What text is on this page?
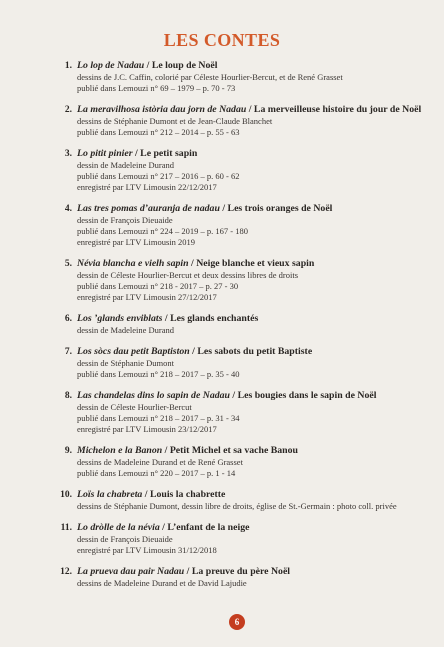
LES CONTES
1. Lo lop de Nadau / Le loup de Noël
dessins de J.C. Caffin, colorié par Céleste Hourlier-Bercut, et de René Grasset
publié dans Lemouzi n° 69 – 1979 – p. 70 - 73
2. La meravilhosa istòria dau jorn de Nadau / La merveilleuse histoire du jour de Noël
dessins de Stéphanie Dumont et de Jean-Claude Blanchet
publié dans Lemouzi n° 212 – 2014 – p. 55 - 63
3. Lo pitit pinier / Le petit sapin
dessin de Madeleine Durand
publié dans Lemouzi n° 217 – 2016 – p. 60 - 62
enregistré par LTV Limousin 22/12/2017
4. Las tres pomas d’auranja de nadau / Les trois oranges de Noël
dessin de François Dieuaide
publié dans Lemouzi n° 224 – 2019 – p. 167 - 180
enregistré par LTV Limousin 2019
5. Névia blancha e vielh sapin / Neige blanche et vieux sapin
dessin de Céleste Hourlier-Bercut et deux dessins libres de droits
publié dans Lemouzi n° 218 - 2017 – p. 27 - 30
enregistré par LTV Limousin 27/12/2017
6. Los ’glands enviblats / Les glands enchantés
dessin de Madeleine Durand
7. Los sòcs dau petit Baptiston / Les sabots du petit Baptiste
dessin de Stéphanie Dumont
publié dans Lemouzi n° 218 – 2017 – p. 35 - 40
8. Las chandelas dins lo sapin de Nadau / Les bougies dans le sapin de Noël
dessin de Céleste Hourlier-Bercut
publié dans Lemouzi n° 218 – 2017 – p. 31 - 34
enregistré par LTV Limousin 23/12/2017
9. Michelon e la Banon / Petit Michel et sa vache Banou
dessins de Madeleine Durand et de René Grasset
publié dans Lemouzi n° 220 – 2017 – p. 1 - 14
10. Loïs la chabreta / Louis la chabrette
dessins de Stéphanie Dumont, dessin libre de droits, église de St.-Germain : photo coll. privée
11. Lo dròlle de la névia / L’enfant de la neige
dessin de François Dieuaide
enregistré par LTV Limousin 31/12/2018
12. La prueva dau pair Nadau / La preuve du père Noël
dessins de Madeleine Durand et de David Lajudie
6
